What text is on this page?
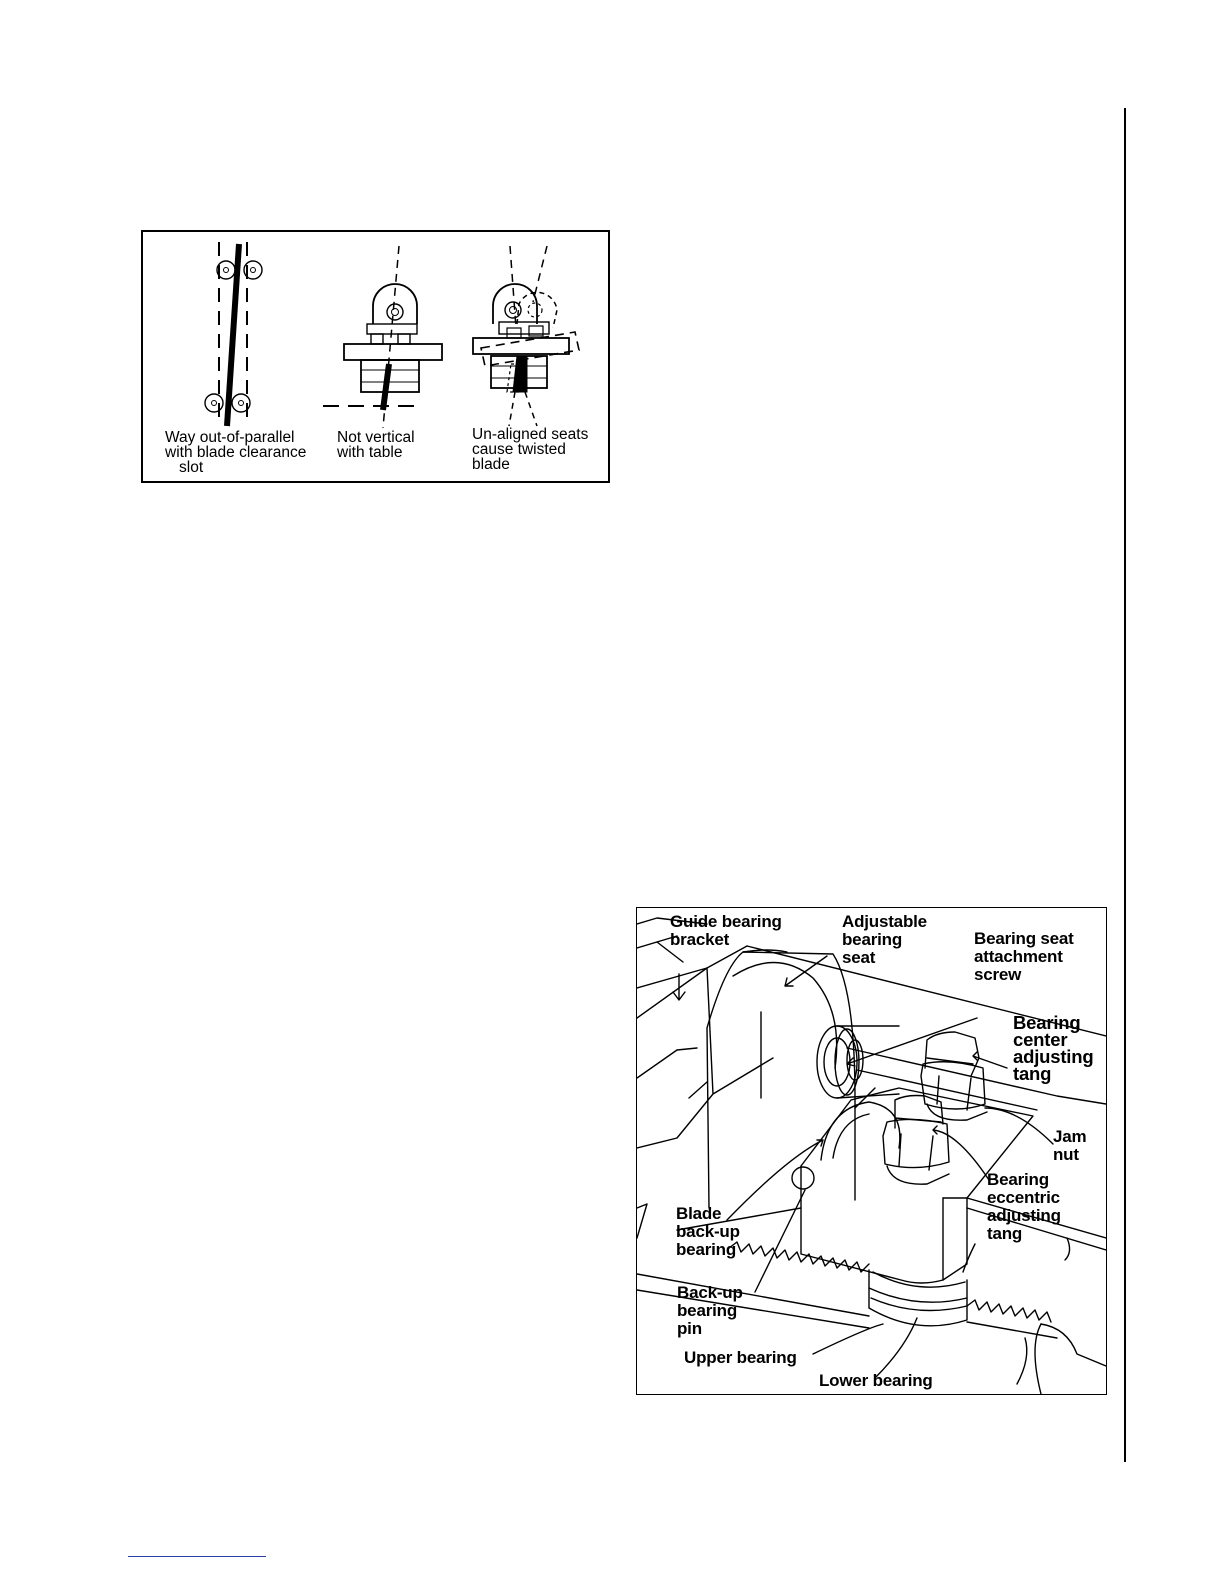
Way out-of-parallel
with blade clearance
slot
Not vertical
with table
Un-aligned seats
cause twisted
blade
Guide bearing
bracket
Adjustable
bearing
seat
Bearing seat
attachment
screw
Bearing
center
adjusting
tang
Jam
nut
Bearing
eccentric
adjusting
tang
Blade
back-up
bearing
Back-up
bearing
pin
Upper bearing
Lower bearing
